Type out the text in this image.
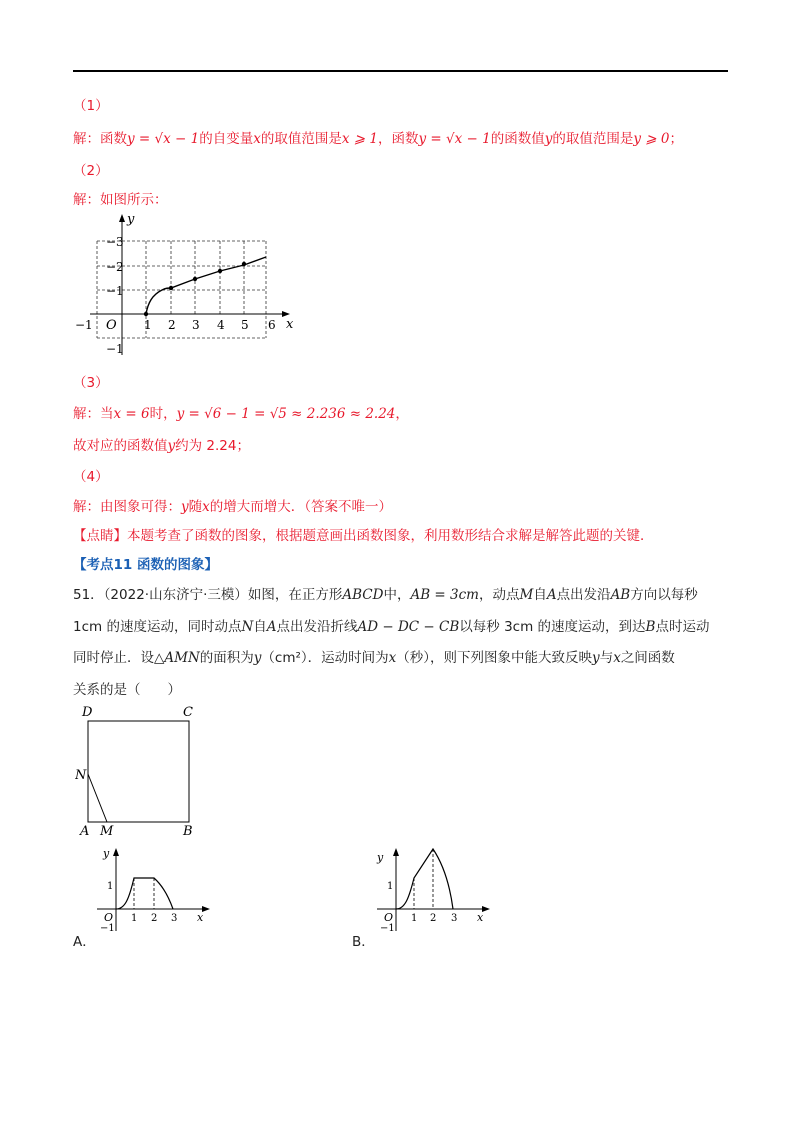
（1）
解：函数y = √x − 1的自变量x的取值范围是x ⩾ 1，函数y = √x − 1的函数值y的取值范围是y ⩾ 0；
（2）
解：如图所示：
y
x
O
−1	1 2 3 4 5 6
−3
−2
−1
−1
（3）
解：当x = 6时，y = √6 − 1 = √5 ≈ 2.236 ≈ 2.24，
故对应的函数值y约为 2.24；
（4）
解：由图象可得：y随x的增大而增大．（答案不唯一）
【点睛】本题考查了函数的图象，根据题意画出函数图象，利用数形结合求解是解答此题的关键．
【考点11 函数的图象】
51．（2022·山东济宁·三模）如图，在正方形ABCD中，AB = 3cm，动点M自A点出发沿AB方向以每秒
1cm 的速度运动，同时动点N自A点出发沿折线AD − DC − CB以每秒 3cm 的速度运动，到达B点时运动
同时停止．设△AMN的面积为y（cm²）．运动时间为x（秒），则下列图象中能大致反映y与x之间函数
关系的是（　　）
D	C
N
A M	B
y
x
O
1
−1
1 2 3
A．
y
x
O
1
−1
1 2 3
B．
